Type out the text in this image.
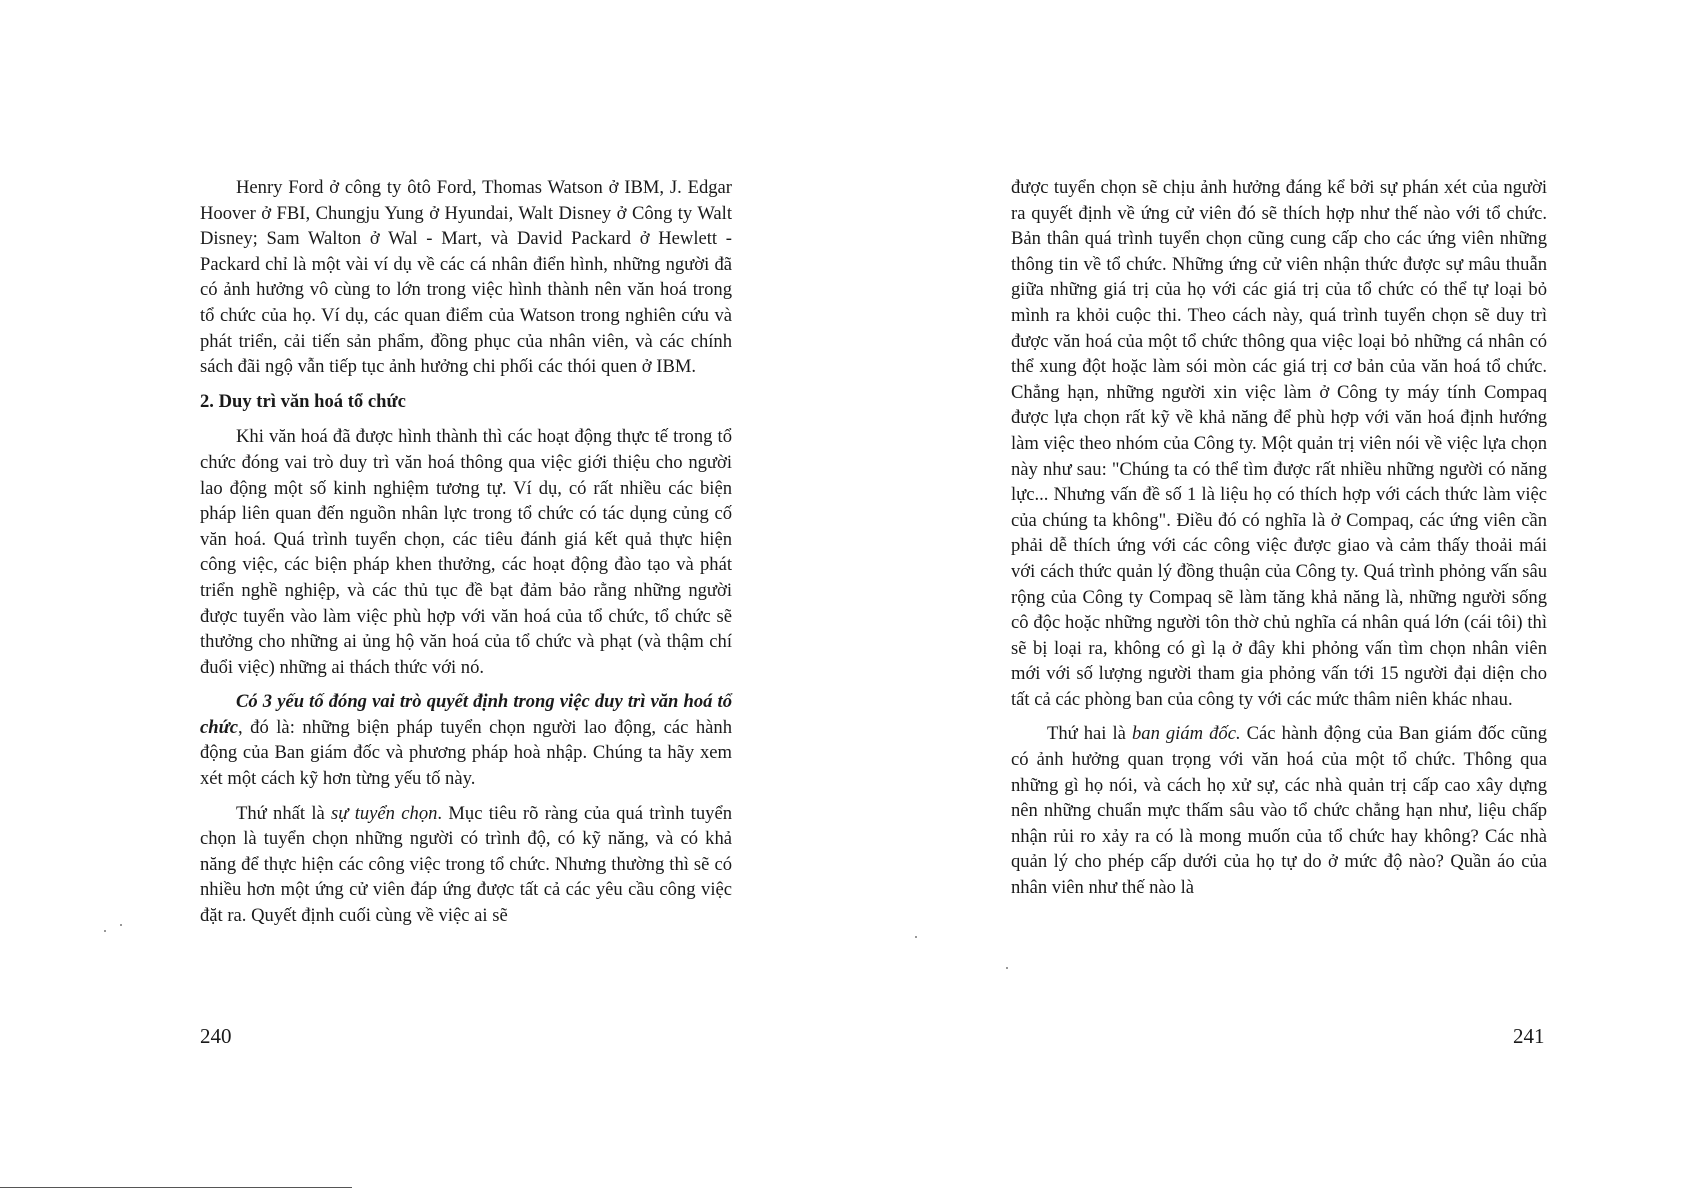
Henry Ford ở công ty ôtô Ford, Thomas Watson ở IBM, J. Edgar Hoover ở FBI, Chungju Yung ở Hyundai, Walt Disney ở Công ty Walt Disney; Sam Walton ở Wal - Mart, và David Packard ở Hewlett - Packard chỉ là một vài ví dụ về các cá nhân điển hình, những người đã có ảnh hưởng vô cùng to lớn trong việc hình thành nên văn hoá trong tổ chức của họ. Ví dụ, các quan điểm của Watson trong nghiên cứu và phát triển, cải tiến sản phẩm, đồng phục của nhân viên, và các chính sách đãi ngộ vẫn tiếp tục ảnh hưởng chi phối các thói quen ở IBM.

2. Duy trì văn hoá tổ chức

Khi văn hoá đã được hình thành thì các hoạt động thực tế trong tổ chức đóng vai trò duy trì văn hoá thông qua việc giới thiệu cho người lao động một số kinh nghiệm tương tự. Ví dụ, có rất nhiều các biện pháp liên quan đến nguồn nhân lực trong tổ chức có tác dụng củng cố văn hoá. Quá trình tuyển chọn, các tiêu đánh giá kết quả thực hiện công việc, các biện pháp khen thưởng, các hoạt động đào tạo và phát triển nghề nghiệp, và các thủ tục đề bạt đảm bảo rằng những người được tuyển vào làm việc phù hợp với văn hoá của tổ chức, tổ chức sẽ thưởng cho những ai ủng hộ văn hoá của tổ chức và phạt (và thậm chí đuổi việc) những ai thách thức với nó.

Có 3 yếu tố đóng vai trò quyết định trong việc duy trì văn hoá tổ chức, đó là: những biện pháp tuyển chọn người lao động, các hành động của Ban giám đốc và phương pháp hoà nhập. Chúng ta hãy xem xét một cách kỹ hơn từng yếu tố này.

Thứ nhất là sự tuyển chọn. Mục tiêu rõ ràng của quá trình tuyển chọn là tuyển chọn những người có trình độ, có kỹ năng, và có khả năng để thực hiện các công việc trong tổ chức. Nhưng thường thì sẽ có nhiều hơn một ứng cử viên đáp ứng được tất cả các yêu cầu công việc đặt ra. Quyết định cuối cùng về việc ai sẽ

240

được tuyển chọn sẽ chịu ảnh hưởng đáng kể bởi sự phán xét của người ra quyết định về ứng cử viên đó sẽ thích hợp như thế nào với tổ chức. Bản thân quá trình tuyển chọn cũng cung cấp cho các ứng viên những thông tin về tổ chức. Những ứng cử viên nhận thức được sự mâu thuẫn giữa những giá trị của họ với các giá trị của tổ chức có thể tự loại bỏ mình ra khỏi cuộc thi. Theo cách này, quá trình tuyển chọn sẽ duy trì được văn hoá của một tổ chức thông qua việc loại bỏ những cá nhân có thể xung đột hoặc làm sói mòn các giá trị cơ bản của văn hoá tổ chức. Chẳng hạn, những người xin việc làm ở Công ty máy tính Compaq được lựa chọn rất kỹ về khả năng để phù hợp với văn hoá định hướng làm việc theo nhóm của Công ty. Một quản trị viên nói về việc lựa chọn này như sau: "Chúng ta có thể tìm được rất nhiều những người có năng lực... Nhưng vấn đề số 1 là liệu họ có thích hợp với cách thức làm việc của chúng ta không". Điều đó có nghĩa là ở Compaq, các ứng viên cần phải dễ thích ứng với các công việc được giao và cảm thấy thoải mái với cách thức quản lý đồng thuận của Công ty. Quá trình phỏng vấn sâu rộng của Công ty Compaq sẽ làm tăng khả năng là, những người sống cô độc hoặc những người tôn thờ chủ nghĩa cá nhân quá lớn (cái tôi) thì sẽ bị loại ra, không có gì lạ ở đây khi phỏng vấn tìm chọn nhân viên mới với số lượng người tham gia phỏng vấn tới 15 người đại diện cho tất cả các phòng ban của công ty với các mức thâm niên khác nhau.

Thứ hai là ban giám đốc. Các hành động của Ban giám đốc cũng có ảnh hưởng quan trọng với văn hoá của một tổ chức. Thông qua những gì họ nói, và cách họ xử sự, các nhà quản trị cấp cao xây dựng nên những chuẩn mực thấm sâu vào tổ chức chẳng hạn như, liệu chấp nhận rủi ro xảy ra có là mong muốn của tổ chức hay không? Các nhà quản lý cho phép cấp dưới của họ tự do ở mức độ nào? Quần áo của nhân viên như thế nào là

241
